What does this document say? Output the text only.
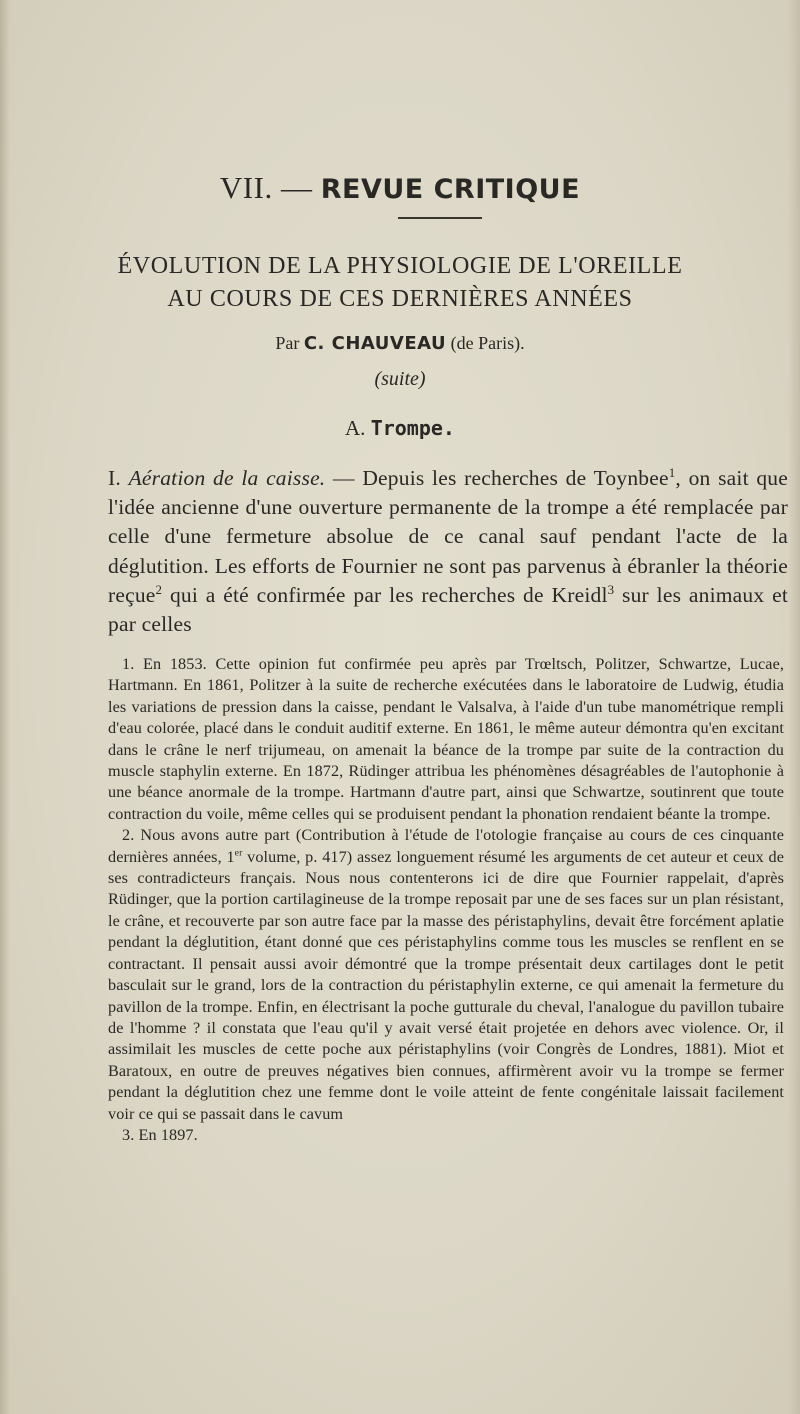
VII. — REVUE CRITIQUE
ÉVOLUTION DE LA PHYSIOLOGIE DE L'OREILLE
AU COURS DE CES DERNIÈRES ANNÉES
Par C. CHAUVEAU (de Paris).
(suite)
A. Trompe.
I. Aération de la caisse. — Depuis les recherches de Toynbee$^1$, on sait que l'idée ancienne d'une ouverture permanente de la trompe a été remplacée par celle d'une fermeture absolue de ce canal sauf pendant l'acte de la déglutition. Les efforts de Fournier ne sont pas parvenus à ébranler la théorie reçue$^2$ qui a été confirmée par les recherches de Kreidl$^3$ sur les animaux et par celles

1. En 1853. Cette opinion fut confirmée peu après par Trœltsch, Politzer, Schwartze, Lucae, Hartmann. En 1861, Politzer à la suite de recherche exécutées dans le laboratoire de Ludwig, étudia les variations de pression dans la caisse, pendant le Valsalva, à l'aide d'un tube manométrique rempli d'eau colorée, placé dans le conduit auditif externe. En 1861, le même auteur démontra qu'en excitant dans le crâne le nerf trijumeau, on amenait la béance de la trompe par suite de la contraction du muscle staphylin externe. En 1872, Rüdinger attribua les phénomènes désagréables de l'autophonie à une béance anormale de la trompe. Hartmann d'autre part, ainsi que Schwartze, soutinrent que toute contraction du voile, même celles qui se produisent pendant la phonation rendaient béante la trompe.

2. Nous avons autre part (Contribution à l'étude de l'otologie française au cours de ces cinquante dernières années, 1er volume, p. 417) assez longuement résumé les arguments de cet auteur et ceux de ses contradicteurs français. Nous nous contenterons ici de dire que Fournier rappelait, d'après Rüdinger, que la portion cartilagineuse de la trompe reposait par une de ses faces sur un plan résistant, le crâne, et recouverte par son autre face par la masse des péristaphylins, devait être forcément aplatie pendant la déglutition, étant donné que ces péristaphylins comme tous les muscles se renflent en se contractant. Il pensait aussi avoir démontré que la trompe présentait deux cartilages dont le petit basculait sur le grand, lors de la contraction du péristaphylin externe, ce qui amenait la fermeture du pavillon de la trompe. Enfin, en électrisant la poche gutturale du cheval, l'analogue du pavillon tubaire de l'homme ? il constata que l'eau qu'il y avait versé était projetée en dehors avec violence. Or, il assimilait les muscles de cette poche aux péristaphylins (voir Congrès de Londres, 1881). Miot et Baratoux, en outre de preuves négatives bien connues, affirmèrent avoir vu la trompe se fermer pendant la déglutition chez une femme dont le voile atteint de fente congénitale laissait facilement voir ce qui se passait dans le cavum

3. En 1897.
